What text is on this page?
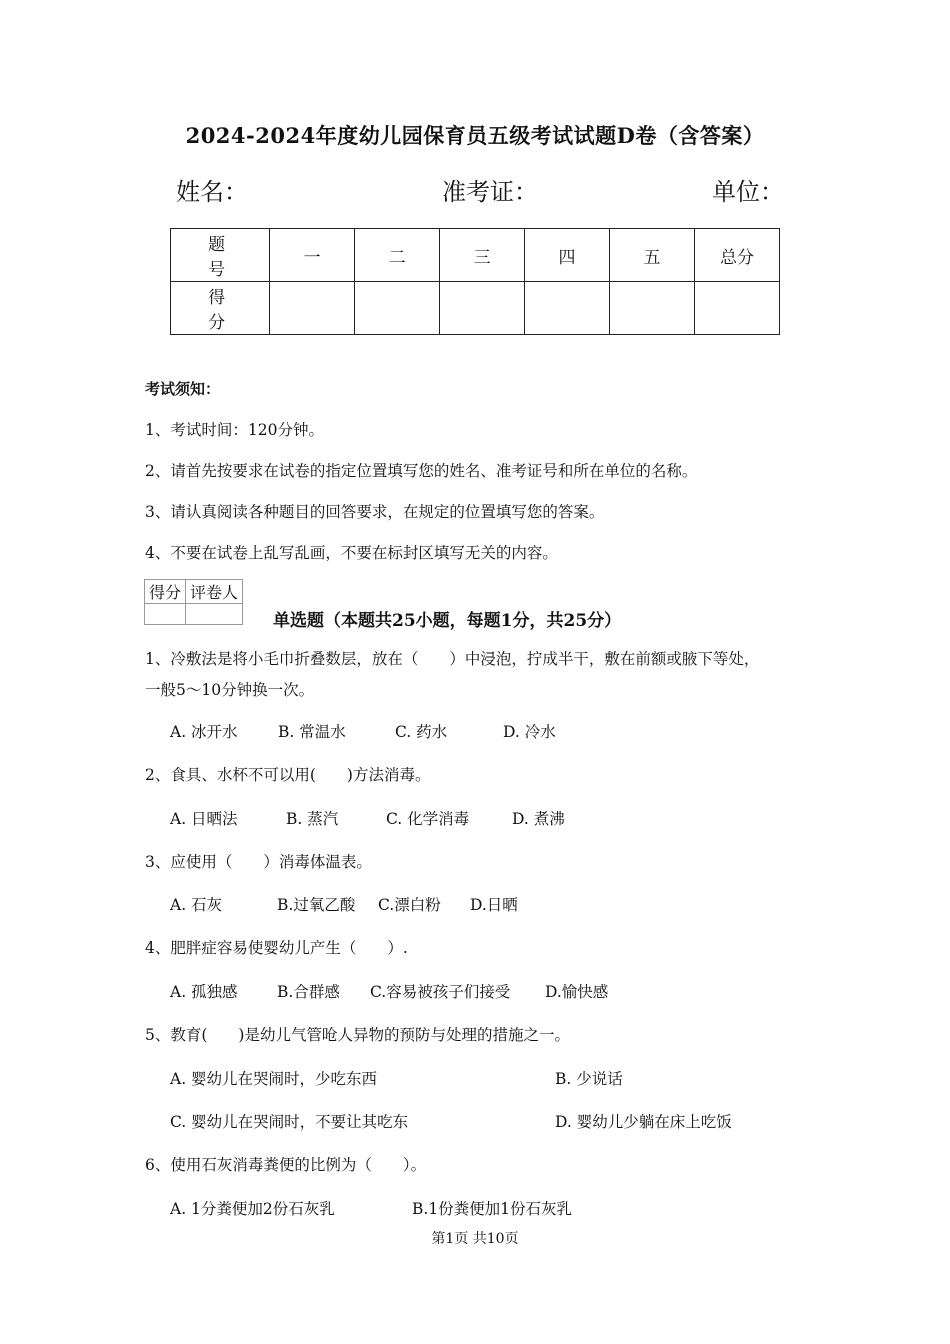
2024-2024年度幼儿园保育员五级考试试题D卷（含答案）
姓名：	准考证：	单位：
题 号	一	二	三	四	五	总分
得 分						
考试须知：
1、考试时间：120分钟。
2、请首先按要求在试卷的指定位置填写您的姓名、准考证号和所在单位的名称。
3、请认真阅读各种题目的回答要求，在规定的位置填写您的答案。
4、不要在试卷上乱写乱画，不要在标封区填写无关的内容。
得分	评卷人

单选题（本题共25小题，每题1分，共25分）
1、冷敷法是将小毛巾折叠数层，放在（　　）中浸泡，拧成半干，敷在前额或腋下等处，
一般5～10分钟换一次。
A. 冰开水	B. 常温水	C. 药水	D. 冷水
2、食具、水杯不可以用(　　)方法消毒。
A. 日晒法	B. 蒸汽	C. 化学消毒	D. 煮沸
3、应使用（　　）消毒体温表。
A. 石灰	B.过氧乙酸 C.漂白粉 D.日晒
4、肥胖症容易使婴幼儿产生（　　）.
A. 孤独感	B.合群感 C.容易被孩子们接受 D.愉快感
5、教育(　　)是幼儿气管呛人异物的预防与处理的措施之一。
A. 婴幼儿在哭闹时，少吃东西	B. 少说话
C. 婴幼儿在哭闹时，不要让其吃东	D. 婴幼儿少躺在床上吃饭
6、使用石灰消毒粪便的比例为（　　）。
A. 1分粪便加2份石灰乳	B.1份粪便加1份石灰乳
第1页 共10页
